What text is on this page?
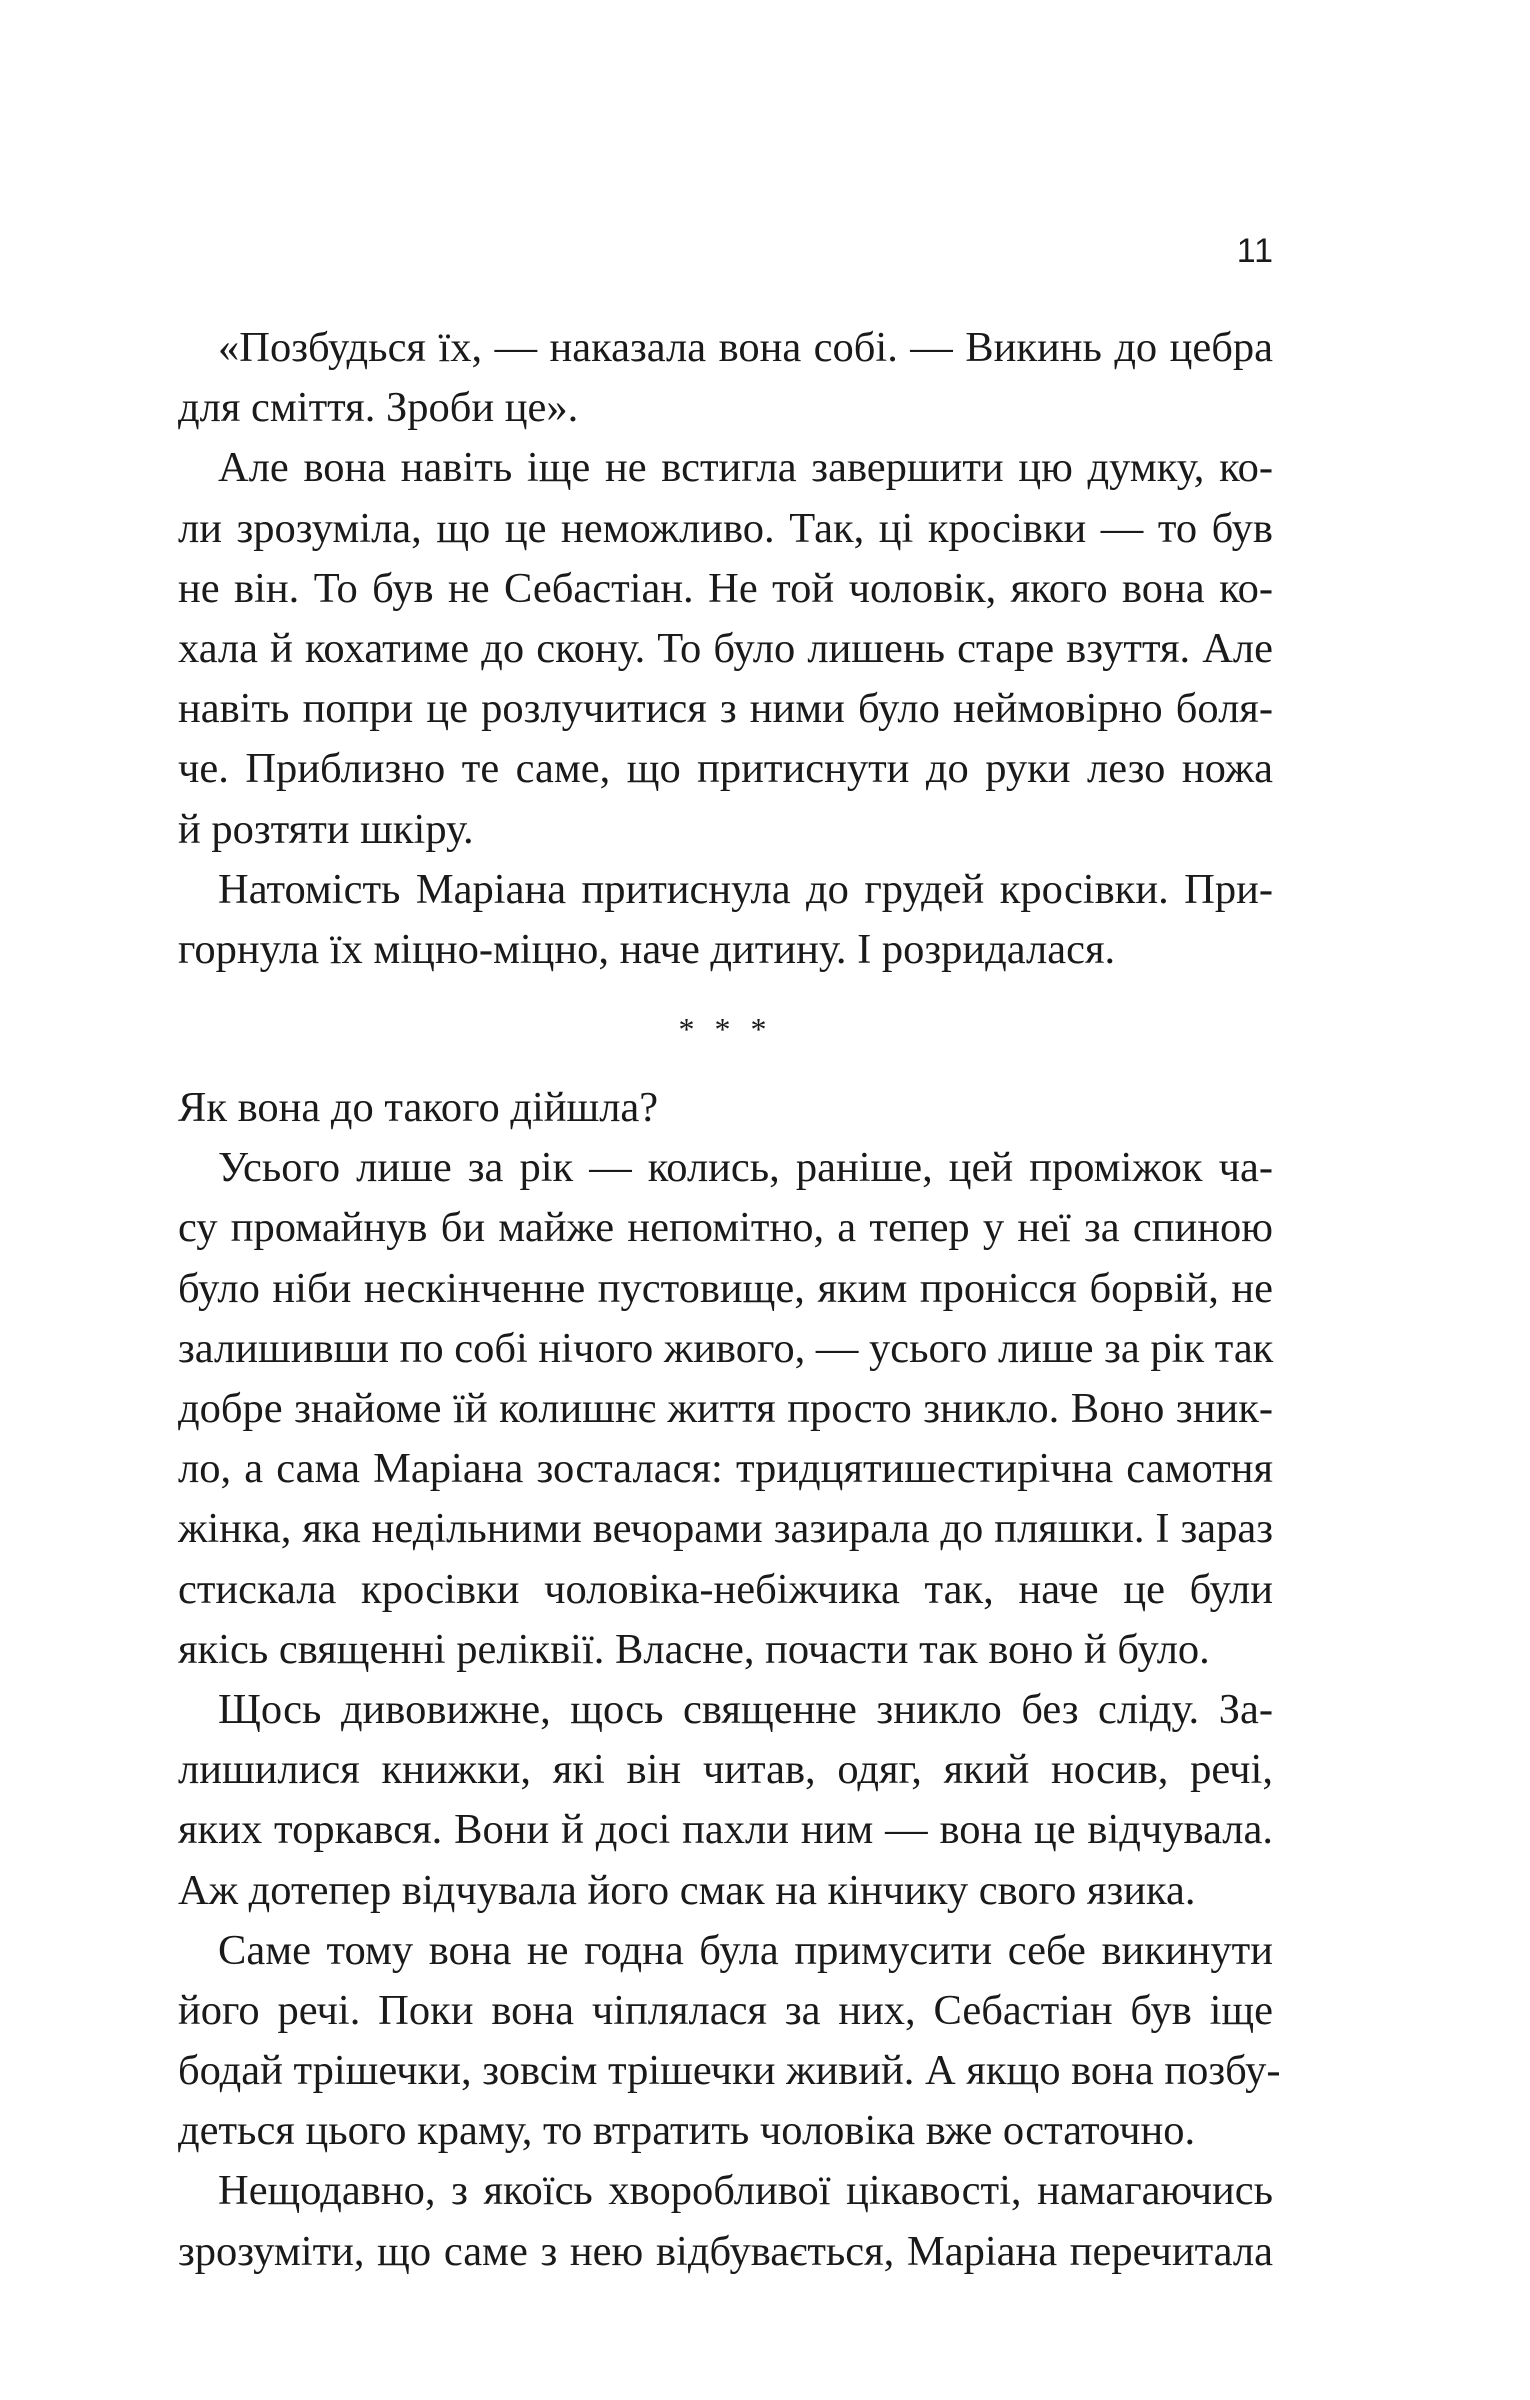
11
«Позбудься їх, — наказала вона собі. — Викинь до цебра
для сміття. Зроби це».
Але вона навіть іще не встигла завершити цю думку, ко-
ли зрозуміла, що це неможливо. Так, ці кросівки — то був
не він. То був не Себастіан. Не той чоловік, якого вона ко-
хала й кохатиме до скону. То було лишень старе взуття. Але
навіть попри це розлучитися з ними було неймовірно боля-
че. Приблизно те саме, що притиснути до руки лезо ножа
й розтяти шкіру.
Натомість Маріана притиснула до грудей кросівки. При-
горнула їх міцно-міцно, наче дитину. І розридалася.
* * *
Як вона до такого дійшла?
Усього лише за рік — колись, раніше, цей проміжок ча-
су промайнув би майже непомітно, а тепер у неї за спиною
було ніби нескінченне пустовище, яким пронісся борвій, не
залишивши по собі нічого живого, — усього лише за рік так
добре знайоме їй колишнє життя просто зникло. Воно зник-
ло, а сама Маріана зосталася: тридцятишестирічна самотня
жінка, яка недільними вечорами зазирала до пляшки. І зараз
стискала кросівки чоловіка-небіжчика так, наче це були
якісь священні реліквії. Власне, почасти так воно й було.
Щось дивовижне, щось священне зникло без сліду. За-
лишилися книжки, які він читав, одяг, який носив, речі,
яких торкався. Вони й досі пахли ним — вона це відчувала.
Аж дотепер відчувала його смак на кінчику свого язика.
Саме тому вона не годна була примусити себе викинути
його речі. Поки вона чіплялася за них, Себастіан був іще
бодай трішечки, зовсім трішечки живий. А якщо вона позбу-
деться цього краму, то втратить чоловіка вже остаточно.
Нещодавно, з якоїсь хворобливої цікавості, намагаючись
зрозуміти, що саме з нею відбувається, Маріана перечитала
